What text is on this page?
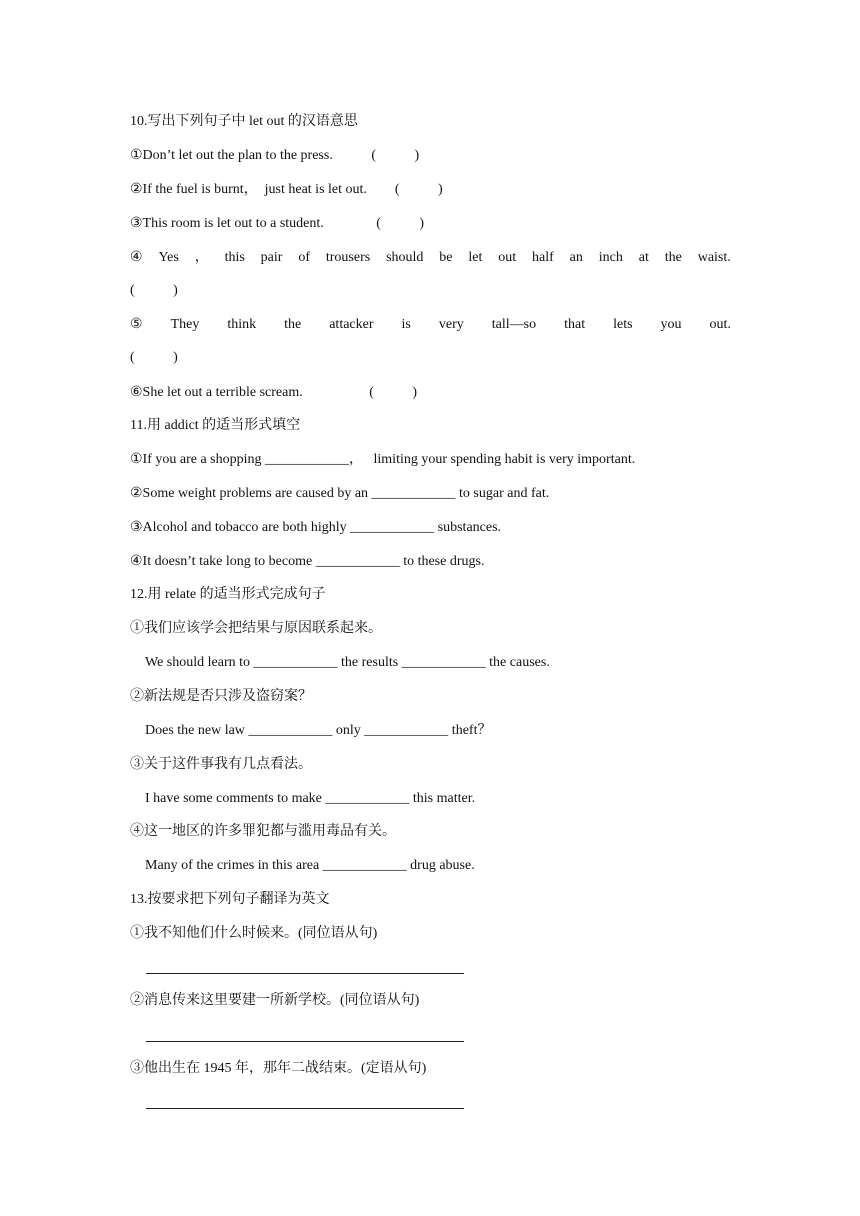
10.写出下列句子中 let out 的汉语意思
①Don’t let out the plan to the press.           (           )
②If the fuel is burnt，  just heat is let out.        (           )
③This room is let out to a student.               (           )
④ Yes ， this pair of trousers should be let out half an inch at the waist.
(           )
⑤ They think the attacker is very tall—so that lets you out.
(           )
⑥She let out a terrible scream.                   (           )
11.用 addict 的适当形式填空
①If you are a shopping ____________，   limiting your spending habit is very important.
②Some weight problems are caused by an ____________ to sugar and fat.
③Alcohol and tobacco are both highly ____________ substances.
④It doesn’t take long to become ____________ to these drugs.
12.用 relate 的适当形式完成句子
①我们应该学会把结果与原因联系起来。
We should learn to ____________ the results ____________ the causes.
②新法规是否只涉及盗窃案？
Does the new law ____________ only ____________ theft？
③关于这件事我有几点看法。
I have some comments to make ____________ this matter.
④这一地区的许多罪犯都与滥用毒品有关。
Many of the crimes in this area ____________ drug abuse.
13.按要求把下列句子翻译为英文
①我不知他们什么时候来。(同位语从句)
②消息传来这里要建一所新学校。(同位语从句)
③他出生在 1945 年，那年二战结束。(定语从句)
